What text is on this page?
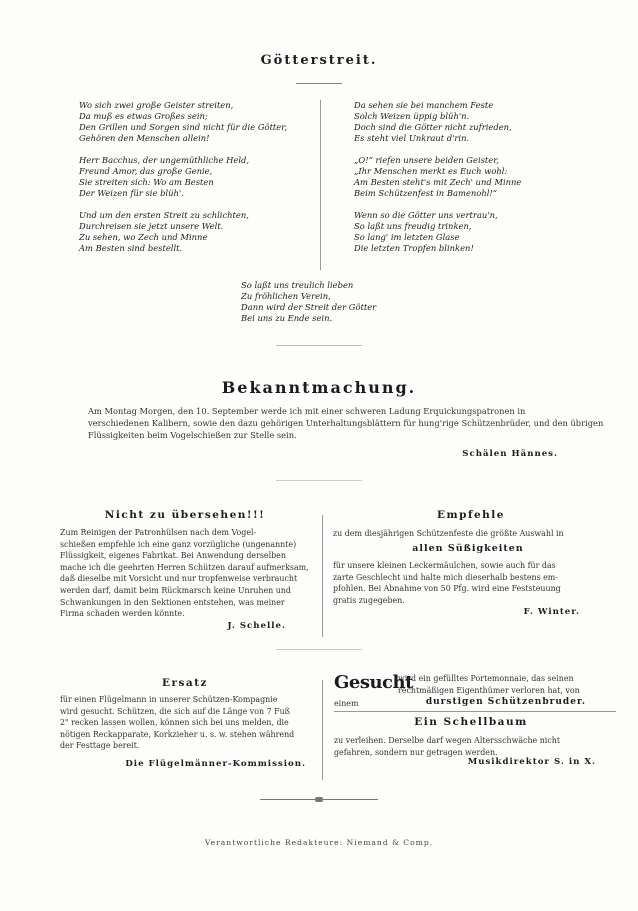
Götterstreit.
Wo sich zwei große Geister streiten,
Da muß es etwas Großes sein;
Den Grillen und Sorgen sind nicht für die Götter,
Gehören den Menschen allein!
Herr Bacchus, der ungemüthliche Held,
Freund Amor, das große Genie,
Sie streiten sich: Wo am Besten
Der Weizen für sie blüh'.
Und um den ersten Streit zu schlichten,
Durchreisen sie jetzt unsere Welt.
Zu sehen, wo Zech und Minne
Am Besten sind bestellt.
Da sehen sie bei manchem Feste
Solch Weizen üppig blüh'n.
Doch sind die Götter nicht zufrieden,
Es steht viel Unkraut d'rin.
„O!“ riefen unsere beiden Geister,
„Ihr Menschen merkt es Euch wohl:
Am Besten steht's mit Zech' und Minne
Beim Schützenfest in Bamenohl!“
Wenn so die Götter uns vertrau'n,
So laßt uns freudig trinken,
So lang' im letzten Glase
Die letzten Tropfen blinken!
So laßt uns treulich lieben
Zu fröhlichen Verein,
Dann wird der Streit der Götter
Bei uns zu Ende sein.
Bekanntmachung.
Am Montag Morgen, den 10. September werde ich mit einer schweren Ladung Erquickungspatronen in
verschiedenen Kalibern, sowie den dazu gehörigen Unterhaltungsblättern für hung'rige Schützenbrüder, und den übrigen
Flüssigkeiten beim Vogelschießen zur Stelle sein.
Schälen Hännes.
Nicht zu übersehen!!!
Zum Reinigen der Patronhülsen nach dem Vogel-
schießen empfehle ich eine ganz vorzügliche (ungenannte)
Flüssigkeit, eigenes Fabrikat. Bei Anwendung derselben
mache ich die geehrten Herren Schützen darauf aufmerksam,
daß dieselbe mit Vorsicht und nur tropfenweise verbraucht
werden darf, damit beim Rückmarsch keine Unruhen und
Schwankungen in den Sektionen entstehen, was meiner
Firma schaden werden könnte.
J. Schelle.
Empfehle
zu dem diesjährigen Schützenfeste die größte Auswahl in
allen Süßigkeiten
für unsere kleinen Leckermäulchen, sowie auch für das
zarte Geschlecht und halte mich dieserhalb bestens em-
pfohlen. Bei Abnahme von 50 Pfg. wird eine Feststeuung
gratis zugegeben.
F. Winter.
Ersatz
für einen Flügelmann in unserer Schützen-Kompagnie
wird gesucht. Schützen, die sich auf die Länge von 7 Fuß
2" recken lassen wollen, können sich bei uns melden, die
nötigen Reckapparate, Korkzieher u. s. w. stehen während
der Festtage bereit.
Die Flügelmänner-Kommission.
Gesucht
wird ein gefülltes Portemonnaie, das seinen
rechtmäßigen Eigenthümer verloren hat, von
einem	durstigen Schützenbruder.
Ein Schellbaum
zu verleihen. Derselbe darf wegen Altersschwäche nicht
gefahren, sondern nur getragen werden.
Musikdirektor S. in X.
Verantwortliche Redakteure: Niemand & Comp.
